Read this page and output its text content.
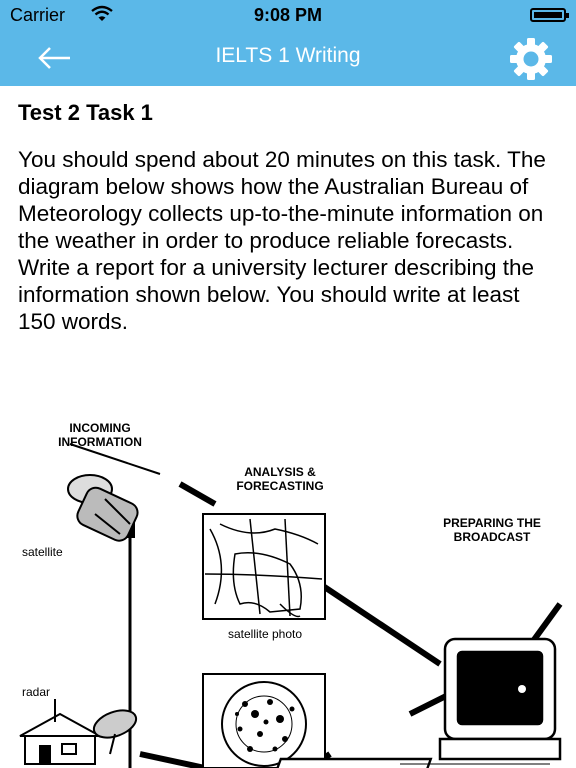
Carrier	9:08 PM
IELTS 1 Writing
Test 2 Task 1
You should spend about 20 minutes on this task. The diagram below shows how the Australian Bureau of Meteorology collects up-to-the-minute information on the weather in order to produce reliable forecasts. Write a report for a university lecturer describing the information shown below. You should write at least 150 words.
INCOMING
INFORMATION
ANALYSIS &
FORECASTING
PREPARING THE
BROADCAST
satellite
satellite photo
radar
